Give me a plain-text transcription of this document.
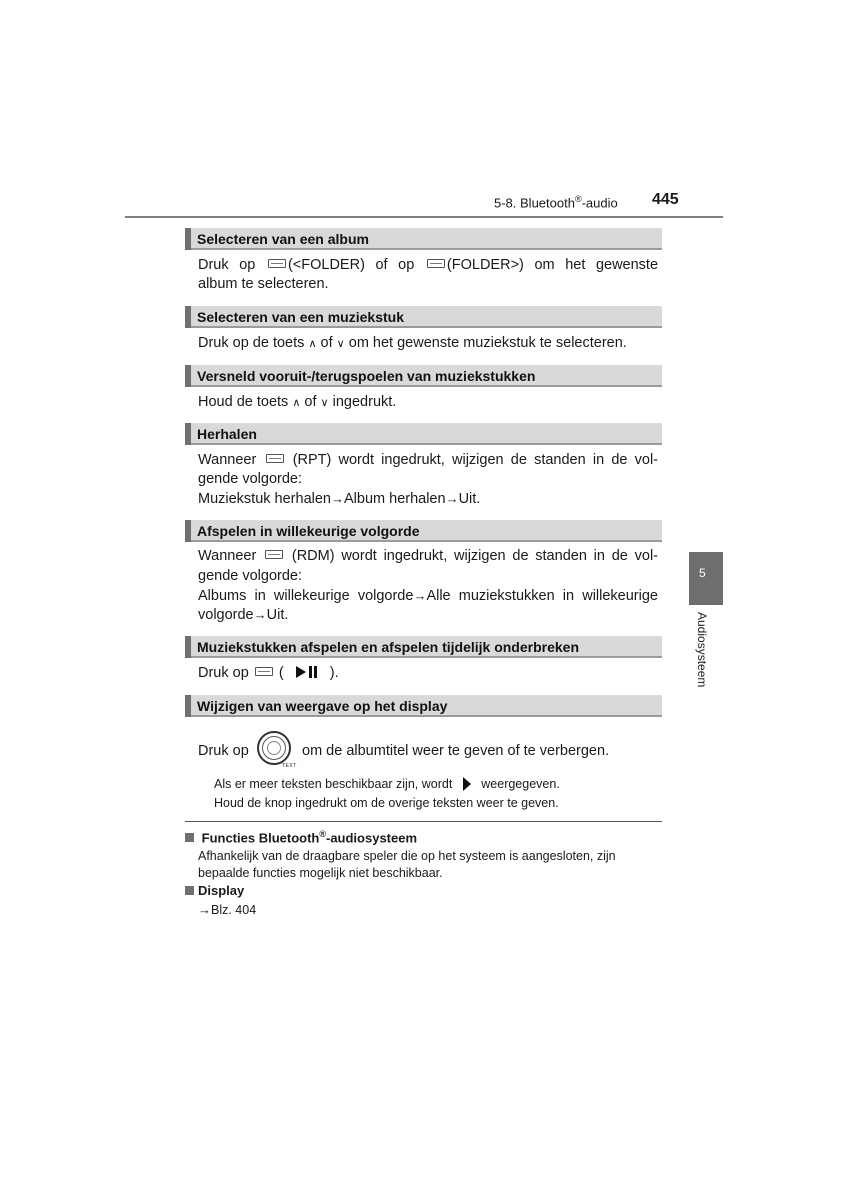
5-8. Bluetooth®-audio 445
5
Audiosysteem
Selecteren van een album
Druk op (<FOLDER) of op (FOLDER>) om het gewenste
album te selecteren.
Selecteren van een muziekstuk
Druk op de toets ∧ of ∨ om het gewenste muziekstuk te selecteren.
Versneld vooruit-/terugspoelen van muziekstukken
Houd de toets ∧ of ∨ ingedrukt.
Herhalen
Wanneer	(RPT) wordt ingedrukt, wijzigen de standen in de vol-
gende volgorde:
Muziekstuk herhalen→Album herhalen→Uit.
Afspelen in willekeurige volgorde
Wanneer (RDM) wordt ingedrukt, wijzigen de standen in de vol-
gende volgorde:
Albums in willekeurige volgorde→Alle muziekstukken in willekeurige
volgorde→Uit.
Muziekstukken afspelen en afspelen tijdelijk onderbreken
Druk op (	).
Wijzigen van weergave op het display
Druk op
TEXT
om de albumtitel weer te geven of te verbergen.
Als er meer teksten beschikbaar zijn, wordt weergegeven.
Houd de knop ingedrukt om de overige teksten weer te geven.
Functies Bluetooth®-audiosysteem
Afhankelijk van de draagbare speler die op het systeem is aangesloten, zijn bepaalde functies mogelijk niet beschikbaar.
Display
→Blz. 404
